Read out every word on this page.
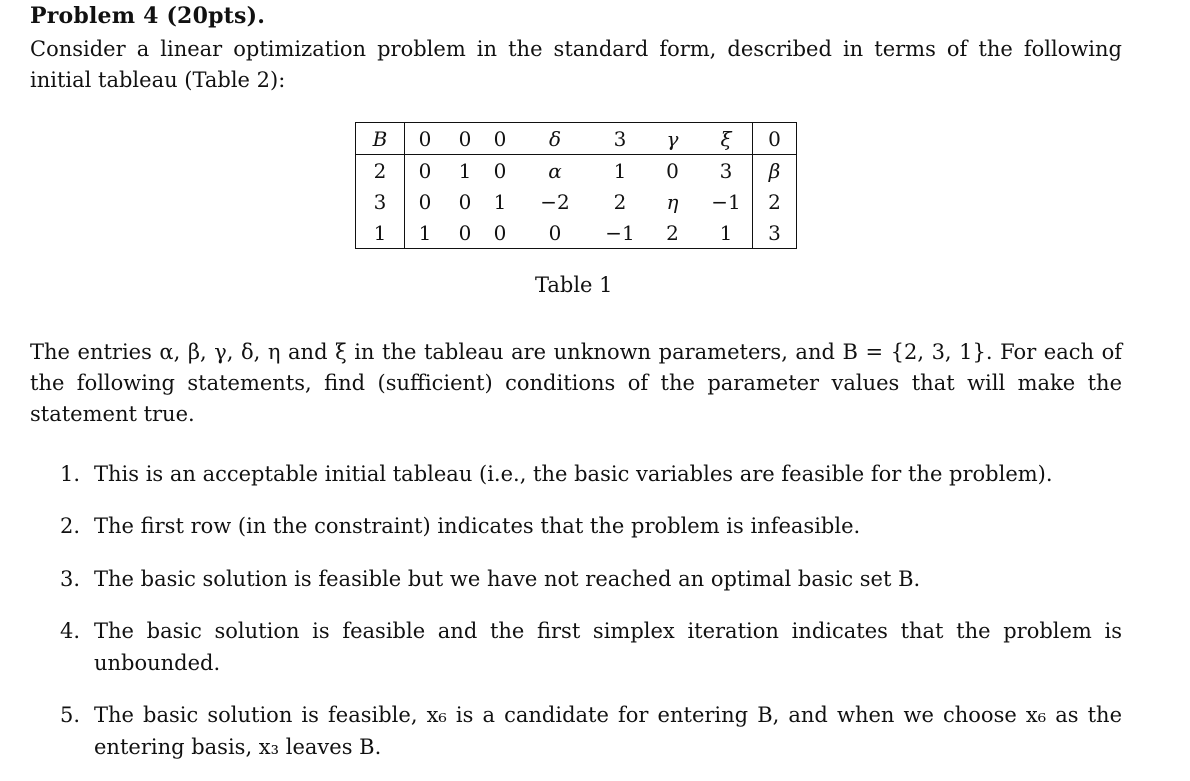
Problem 4 (20pts).
Consider a linear optimization problem in the standard form, described in terms of the following initial tableau (Table 2):
B	0	0	0	δ	3	γ	ξ	0
2	0	1	0	α	1	0	3	β
3	0	0	1	−2	2	η	−1	2
1	1	0	0	0	−1	2	1	3
Table 1
The entries α, β, γ, δ, η and ξ in the tableau are unknown parameters, and B = {2, 3, 1}. For each of the following statements, find (sufficient) conditions of the parameter values that will make the statement true.
1. This is an acceptable initial tableau (i.e., the basic variables are feasible for the problem).
2. The first row (in the constraint) indicates that the problem is infeasible.
3. The basic solution is feasible but we have not reached an optimal basic set B.
4. The basic solution is feasible and the first simplex iteration indicates that the problem is unbounded.
5. The basic solution is feasible, x₆ is a candidate for entering B, and when we choose x₆ as the entering basis, x₃ leaves B.
